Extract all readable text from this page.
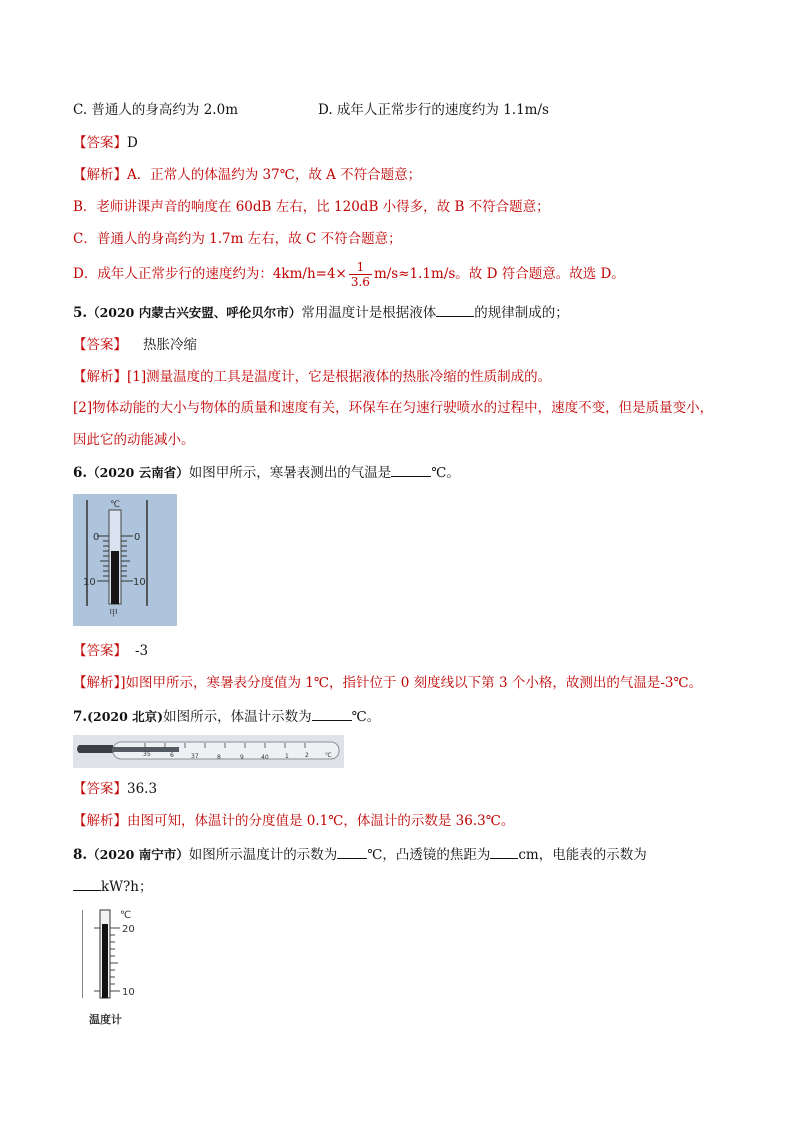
C. 普通人的身高约为 2.0m	D. 成年人正常步行的速度约为 1.1m/s
【答案】D
【解析】A．正常人的体温约为 37℃，故 A 不符合题意；
B．老师讲课声音的响度在 60dB 左右，比 120dB 小得多，故 B 不符合题意；
C．普通人的身高约为 1.7m 左右，故 C 不符合题意；
D．成年人正常步行的速度约为：$4km/h=4\times \frac{1}{3.6} m/s\approx 1.1m/s$。故 D 符合题意。故选 D。
5.（2020 内蒙古兴安盟、呼伦贝尔市）常用温度计是根据液体	的规律制成的；
【答案】 热胀冷缩
【解析】[1]测量温度的工具是温度计，它是根据液体的热胀冷缩的性质制成的。
[2]物体动能的大小与物体的质量和速度有关，环保车在匀速行驶喷水的过程中，速度不变，但是质量变小，
因此它的动能减小。
6.（2020 云南省）如图甲所示，寒暑表测出的气温是	℃。
℃
0	0
10	10
甲
【答案】 -3
【解析】]如图甲所示，寒暑表分度值为 1℃，指针位于 0 刻度线以下第 3 个小格，故测出的气温是-3℃。
7.(2020 北京)如图所示，体温计示数为	℃。
35	6	37	8	9	40	1	2	℃
【答案】36.3
【解析】由图可知，体温计的分度值是 0.1℃，体温计的示数是 36.3℃。
8.（2020 南宁市）如图所示温度计的示数为 ℃，凸透镜的焦距为 cm，电能表的示数为
kW?h；
℃
20
10
温度计
